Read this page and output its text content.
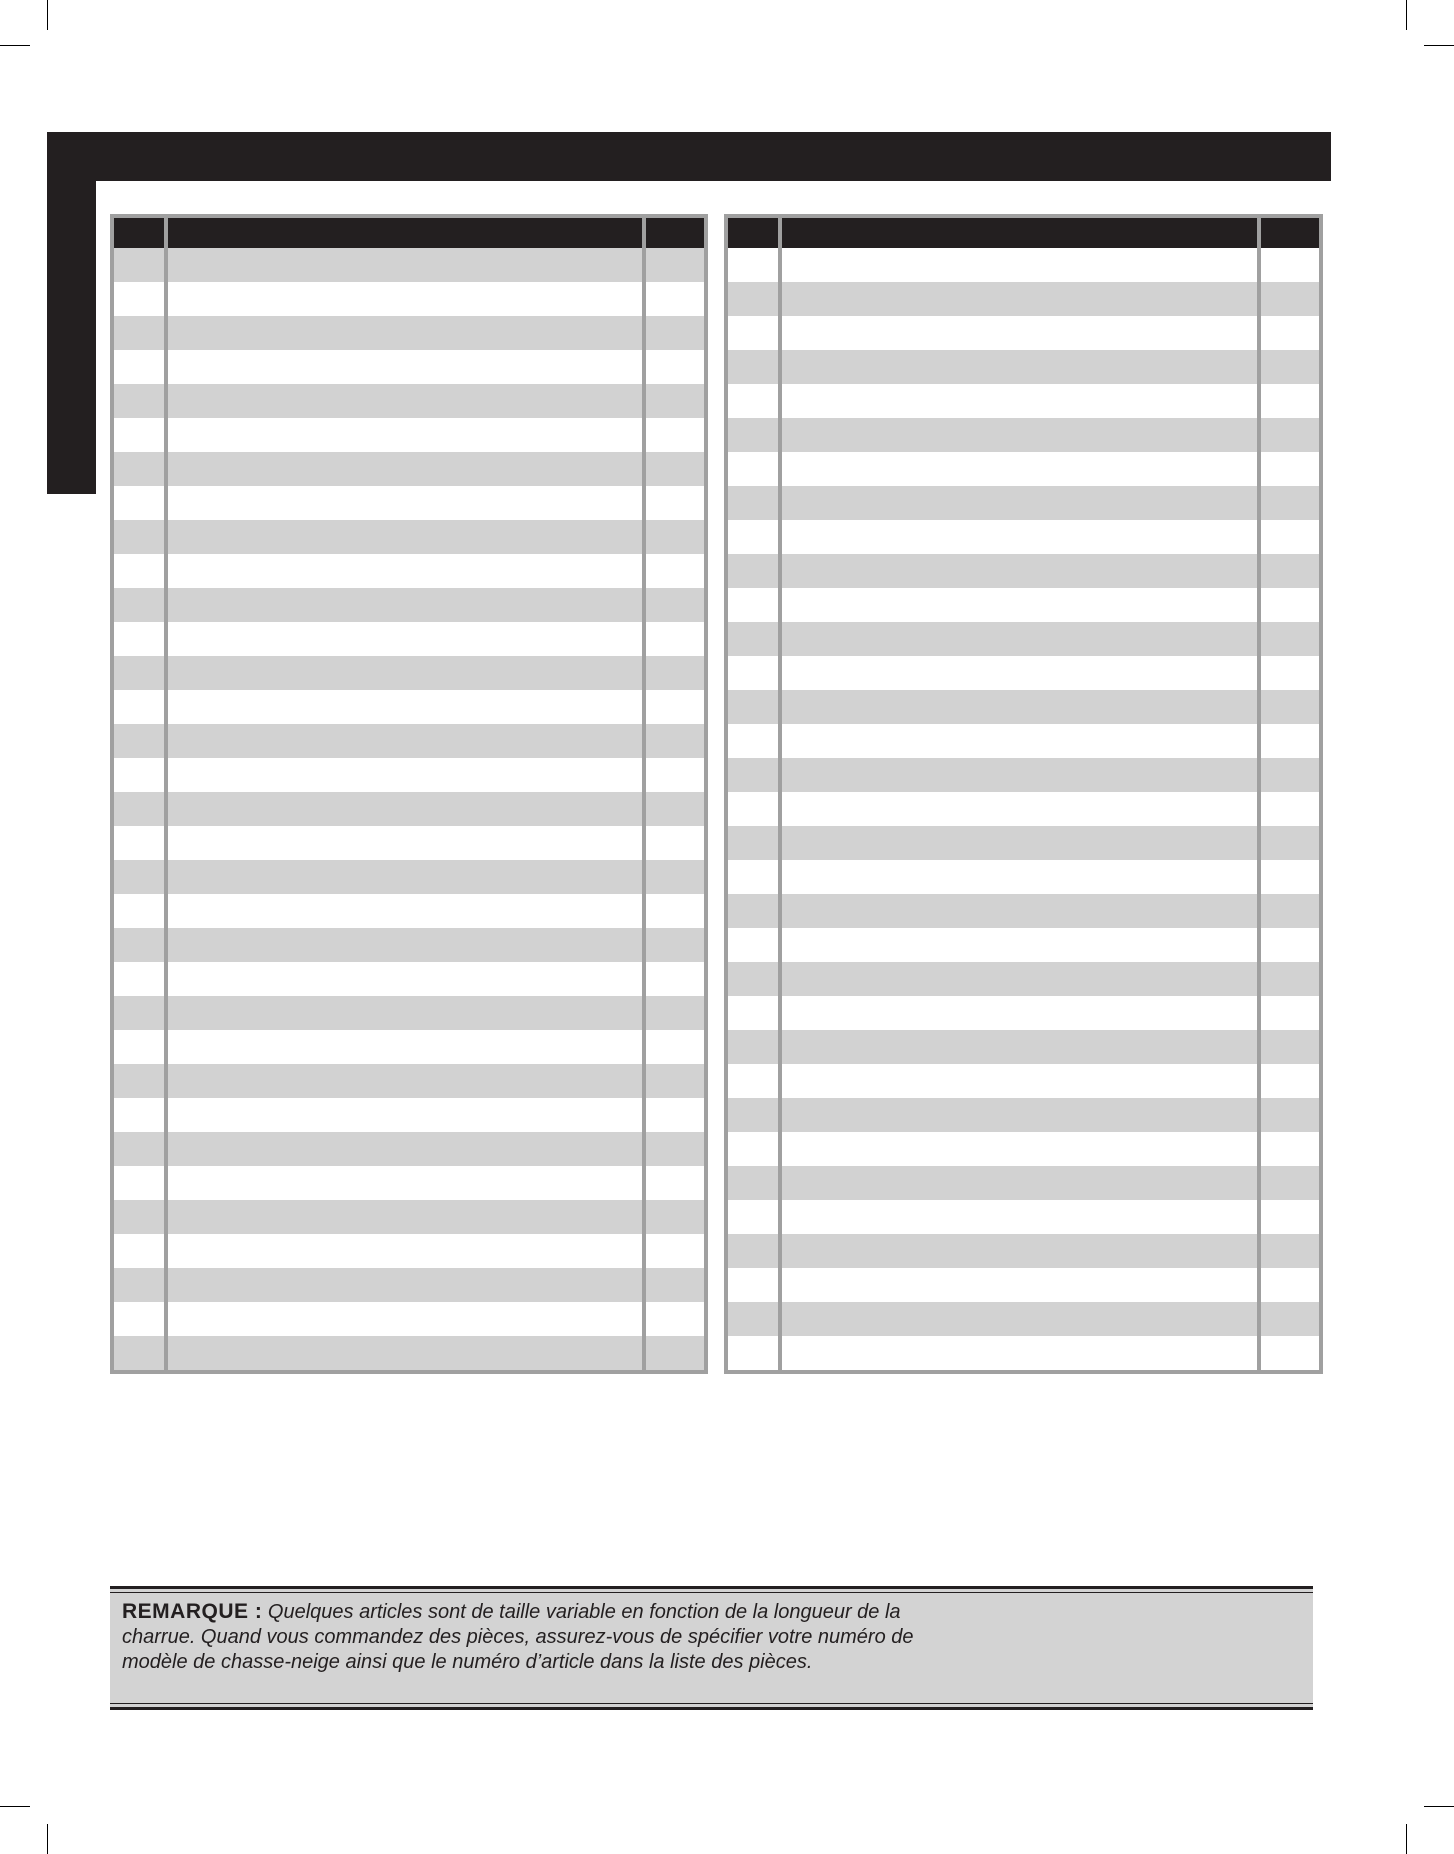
REMARQUE : Quelques articles sont de taille variable en fonction de la longueur de la charrue. Quand vous commandez des pièces, assurez-vous de spécifier votre numéro de modèle de chasse-neige ainsi que le numéro d’article dans la liste des pièces.
